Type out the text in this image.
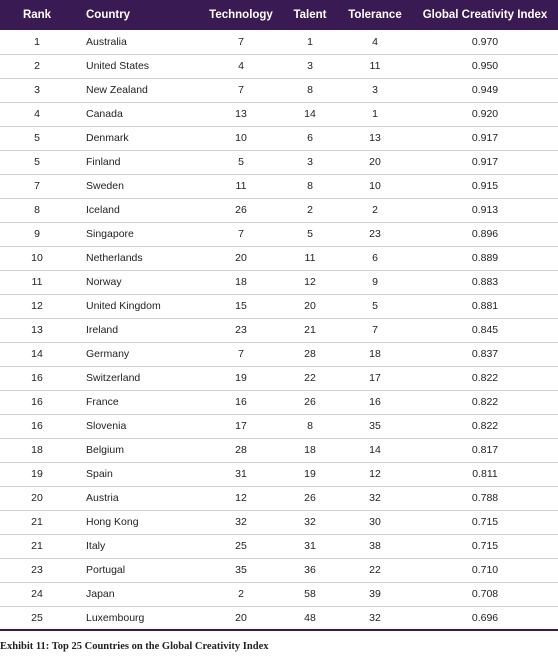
Rank	Country	Technology	Talent	Tolerance	Global Creativity Index
1	Australia	7	1	4	0.970
2	United States	4	3	11	0.950
3	New Zealand	7	8	3	0.949
4	Canada	13	14	1	0.920
5	Denmark	10	6	13	0.917
5	Finland	5	3	20	0.917
7	Sweden	11	8	10	0.915
8	Iceland	26	2	2	0.913
9	Singapore	7	5	23	0.896
10	Netherlands	20	11	6	0.889
11	Norway	18	12	9	0.883
12	United Kingdom	15	20	5	0.881
13	Ireland	23	21	7	0.845
14	Germany	7	28	18	0.837
16	Switzerland	19	22	17	0.822
16	France	16	26	16	0.822
16	Slovenia	17	8	35	0.822
18	Belgium	28	18	14	0.817
19	Spain	31	19	12	0.811
20	Austria	12	26	32	0.788
21	Hong Kong	32	32	30	0.715
21	Italy	25	31	38	0.715
23	Portugal	35	36	22	0.710
24	Japan	2	58	39	0.708
25	Luxembourg	20	48	32	0.696
Exhibit 11: Top 25 Countries on the Global Creativity Index
